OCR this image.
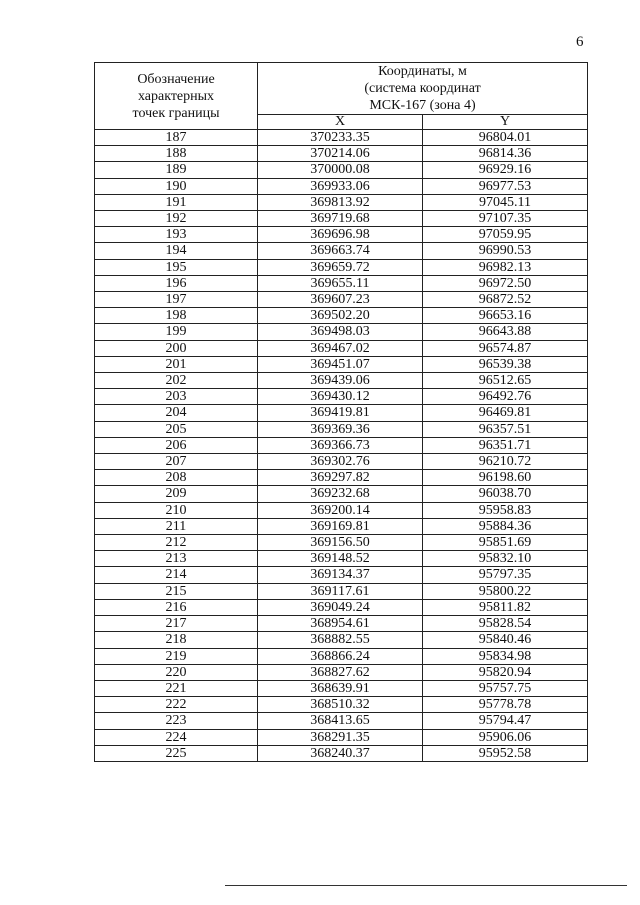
6
Обозначение
характерных
точек границы	Координаты, м
(система координат
МСК-167 (зона 4)	
	X	Y
187	370233.35	96804.01
188	370214.06	96814.36
189	370000.08	96929.16
190	369933.06	96977.53
191	369813.92	97045.11
192	369719.68	97107.35
193	369696.98	97059.95
194	369663.74	96990.53
195	369659.72	96982.13
196	369655.11	96972.50
197	369607.23	96872.52
198	369502.20	96653.16
199	369498.03	96643.88
200	369467.02	96574.87
201	369451.07	96539.38
202	369439.06	96512.65
203	369430.12	96492.76
204	369419.81	96469.81
205	369369.36	96357.51
206	369366.73	96351.71
207	369302.76	96210.72
208	369297.82	96198.60
209	369232.68	96038.70
210	369200.14	95958.83
211	369169.81	95884.36
212	369156.50	95851.69
213	369148.52	95832.10
214	369134.37	95797.35
215	369117.61	95800.22
216	369049.24	95811.82
217	368954.61	95828.54
218	368882.55	95840.46
219	368866.24	95834.98
220	368827.62	95820.94
221	368639.91	95757.75
222	368510.32	95778.78
223	368413.65	95794.47
224	368291.35	95906.06
225	368240.37	95952.58
